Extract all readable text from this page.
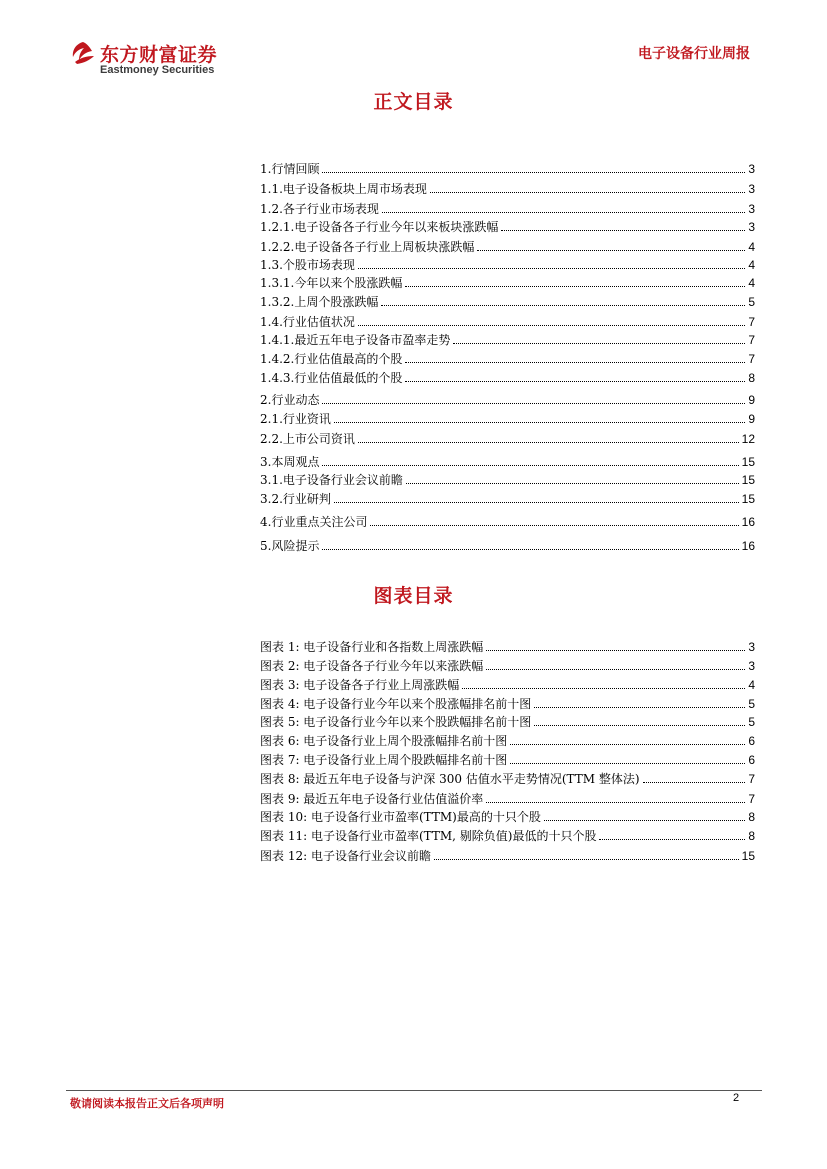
东方财富证券
Eastmoney Securities
电子设备行业周报
正文目录
1.行情回顾	3
1.1.电子设备板块上周市场表现	3
1.2.各子行业市场表现	3
1.2.1.电子设备各子行业今年以来板块涨跌幅	3
1.2.2.电子设备各子行业上周板块涨跌幅	4
1.3.个股市场表现	4
1.3.1.今年以来个股涨跌幅	4
1.3.2.上周个股涨跌幅	5
1.4.行业估值状况	7
1.4.1.最近五年电子设备市盈率走势	7
1.4.2.行业估值最高的个股	7
1.4.3.行业估值最低的个股	8
2.行业动态	9
2.1.行业资讯	9
2.2.上市公司资讯	12
3.本周观点	15
3.1.电子设备行业会议前瞻	15
3.2.行业研判	15
4.行业重点关注公司	16
5.风险提示	16
图表目录
图表 1: 电子设备行业和各指数上周涨跌幅	3
图表 2: 电子设备各子行业今年以来涨跌幅	3
图表 3: 电子设备各子行业上周涨跌幅	4
图表 4: 电子设备行业今年以来个股涨幅排名前十图	5
图表 5: 电子设备行业今年以来个股跌幅排名前十图	5
图表 6: 电子设备行业上周个股涨幅排名前十图	6
图表 7: 电子设备行业上周个股跌幅排名前十图	6
图表 8: 最近五年电子设备与沪深 300 估值水平走势情况(TTM 整体法)	7
图表 9: 最近五年电子设备行业估值溢价率	7
图表 10: 电子设备行业市盈率(TTM)最高的十只个股	8
图表 11: 电子设备行业市盈率(TTM, 剔除负值)最低的十只个股	8
图表 12: 电子设备行业会议前瞻	15
敬请阅读本报告正文后各项声明	2
